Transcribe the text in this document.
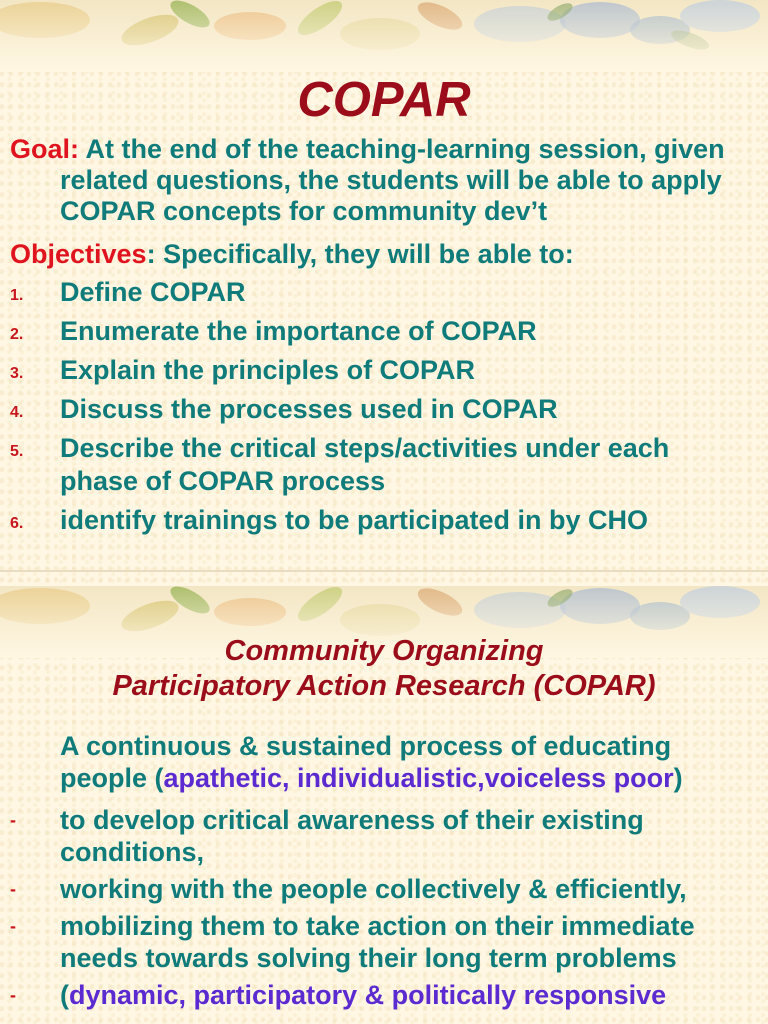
COPAR
Goal: At the end of the teaching-learning session, given related questions, the students will be able to apply COPAR concepts for community dev’t
Objectives: Specifically, they will be able to:
1. Define COPAR
2. Enumerate the importance of COPAR
3. Explain the principles of COPAR
4. Discuss the processes used in COPAR
5. Describe the critical steps/activities under each phase of COPAR process
6. identify trainings to be participated in by CHO
Community Organizing
Participatory Action Research (COPAR)
A continuous & sustained process of educating people (apathetic, individualistic,voiceless poor)
- to develop critical awareness of their existing conditions,
- working with the people collectively & efficiently,
- mobilizing them to take action on their immediate needs towards solving their long term problems
- (dynamic, participatory & politically responsive
